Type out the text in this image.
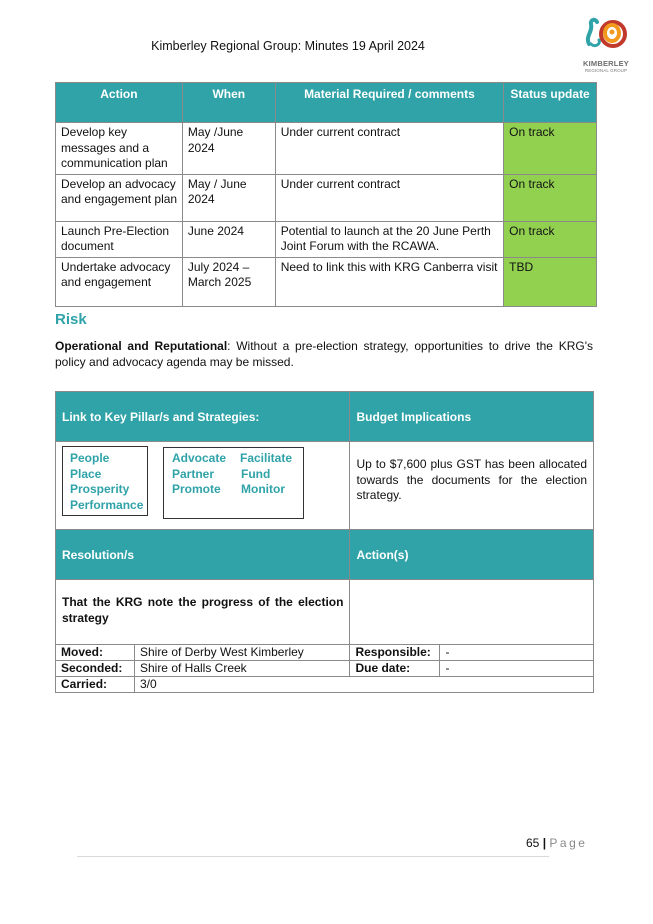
Kimberley Regional Group: Minutes 19 April 2024
KIMBERLEY
REGIONAL GROUP
Action	When	Material Required / comments	Status update
Develop key messages and a communication plan	May /June 2024	Under current contract	On track
Develop an advocacy and engagement plan	May / June 2024	Under current contract	On track
Launch Pre-Election document	June 2024	Potential to launch at the 20 June Perth Joint Forum with the RCAWA.	On track
Undertake advocacy and engagement	July 2024 – March 2025	Need to link this with KRG Canberra visit	TBD
Risk
Operational and Reputational: Without a pre-election strategy, opportunities to drive the KRG's policy and advocacy agenda may be missed.
Link to Key Pillar/s and Strategies:		Budget Implications	

People
Place
Prosperity
Performance
Advocate
Partner
Promote
Facilitate
Fund
Monitor
	Up to $7,600 plus GST has been allocated towards the documents for the election strategy.
Resolution/s		Action(s)	
That the KRG note the progress of the election strategy			
Moved:	Shire of Derby West Kimberley	Responsible:	-
Seconded:	Shire of Halls Creek	Due date:	-
Carried:	3/0		
65 | Page
